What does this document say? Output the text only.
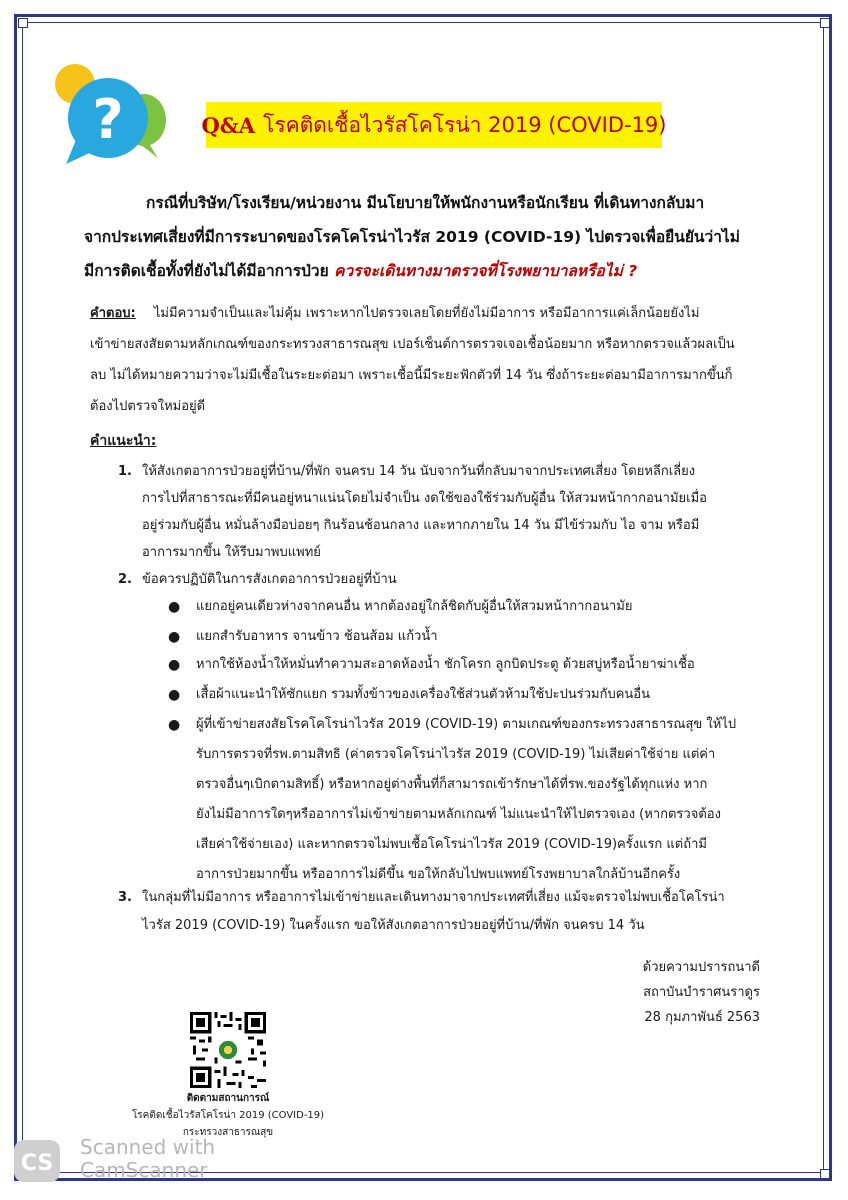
?	Q&A โรคติดเชื้อไวรัสโคโรน่า 2019 (COVID-19)

กรณีที่บริษัท/โรงเรียน/หน่วยงาน มีนโยบายให้พนักงานหรือนักเรียน ที่เดินทางกลับมา

จากประเทศเสี่ยงที่มีการระบาดของโรคโคโรน่าไวรัส 2019 (COVID-19) ไปตรวจเพื่อยืนยันว่าไม่

มีการติดเชื้อทั้งที่ยังไม่ได้มีอาการป่วย ควรจะเดินทางมาตรวจที่โรงพยาบาลหรือไม่ ?

คำตอบ: ไม่มีความจำเป็นและไม่คุ้ม เพราะหากไปตรวจเลยโดยที่ยังไม่มีอาการ หรือมีอาการแค่เล็กน้อยยังไม่

เข้าข่ายสงสัยตามหลักเกณฑ์ของกระทรวงสาธารณสุข เปอร์เซ็นต์การตรวจเจอเชื้อน้อยมาก หรือหากตรวจแล้วผลเป็น

ลบ ไม่ได้หมายความว่าจะไม่มีเชื้อในระยะต่อมา เพราะเชื้อนี้มีระยะฟักตัวที่ 14 วัน ซึ่งถ้าระยะต่อมามีอาการมากขึ้นก็

ต้องไปตรวจใหม่อยู่ดี

คำแนะนำ:
1. ให้สังเกตอาการป่วยอยู่ที่บ้าน/ที่พัก จนครบ 14 วัน นับจากวันที่กลับมาจากประเทศเสี่ยง โดยหลีกเลี่ยง
การไปที่สาธารณะที่มีคนอยู่หนาแน่นโดยไม่จำเป็น งดใช้ของใช้ร่วมกับผู้อื่น ให้สวมหน้ากากอนามัยเมื่อ
อยู่ร่วมกับผู้อื่น หมั่นล้างมือบ่อยๆ กินร้อนช้อนกลาง และหากภายใน 14 วัน มีไข้ร่วมกับ ไอ จาม หรือมี
อาการมากขึ้น ให้รีบมาพบแพทย์
2. ข้อควรปฏิบัติในการสังเกตอาการป่วยอยู่ที่บ้าน
● แยกอยู่คนเดียวห่างจากคนอื่น หากต้องอยู่ใกล้ชิดกับผู้อื่นให้สวมหน้ากากอนามัย
● แยกสำรับอาหาร จานข้าว ช้อนส้อม แก้วน้ำ
● หากใช้ห้องน้ำให้หมั่นทำความสะอาดห้องน้ำ ชักโครก ลูกบิดประตู ด้วยสบู่หรือน้ำยาฆ่าเชื้อ
● เสื้อผ้าแนะนำให้ซักแยก รวมทั้งข้าวของเครื่องใช้ส่วนตัวห้ามใช้ปะปนร่วมกับคนอื่น
● ผู้ที่เข้าข่ายสงสัยโรคโคโรน่าไวรัส 2019 (COVID-19) ตามเกณฑ์ของกระทรวงสาธารณสุข ให้ไป
รับการตรวจที่รพ.ตามสิทธิ (ค่าตรวจโคโรน่าไวรัส 2019 (COVID-19) ไม่เสียค่าใช้จ่าย แต่ค่า
ตรวจอื่นๆเบิกตามสิทธิ์) หรือหากอยู่ต่างพื้นที่ก็สามารถเข้ารักษาได้ที่รพ.ของรัฐได้ทุกแห่ง หาก
ยังไม่มีอาการใดๆหรืออาการไม่เข้าข่ายตามหลักเกณฑ์ ไม่แนะนำให้ไปตรวจเอง (หากตรวจต้อง
เสียค่าใช้จ่ายเอง) และหากตรวจไม่พบเชื้อโคโรน่าไวรัส 2019 (COVID-19)ครั้งแรก แต่ถ้ามี
อาการป่วยมากขึ้น หรืออาการไม่ดีขึ้น ขอให้กลับไปพบแพทย์โรงพยาบาลใกล้บ้านอีกครั้ง
3. ในกลุ่มที่ไม่มีอาการ หรืออาการไม่เข้าข่ายและเดินทางมาจากประเทศที่เสี่ยง แม้จะตรวจไม่พบเชื้อโคโรน่า
ไวรัส 2019 (COVID-19) ในครั้งแรก ขอให้สังเกตอาการป่วยอยู่ที่บ้าน/ที่พัก จนครบ 14 วัน
ด้วยความปรารถนาดี
สถาบันบำราศนราดูร
28 กุมภาพันธ์ 2563
ติดตามสถานการณ์
โรคติดเชื้อไวรัสโคโรน่า 2019 (COVID-19)
กระทรวงสาธารณสุข
CS
Scanned with
CamScanner
